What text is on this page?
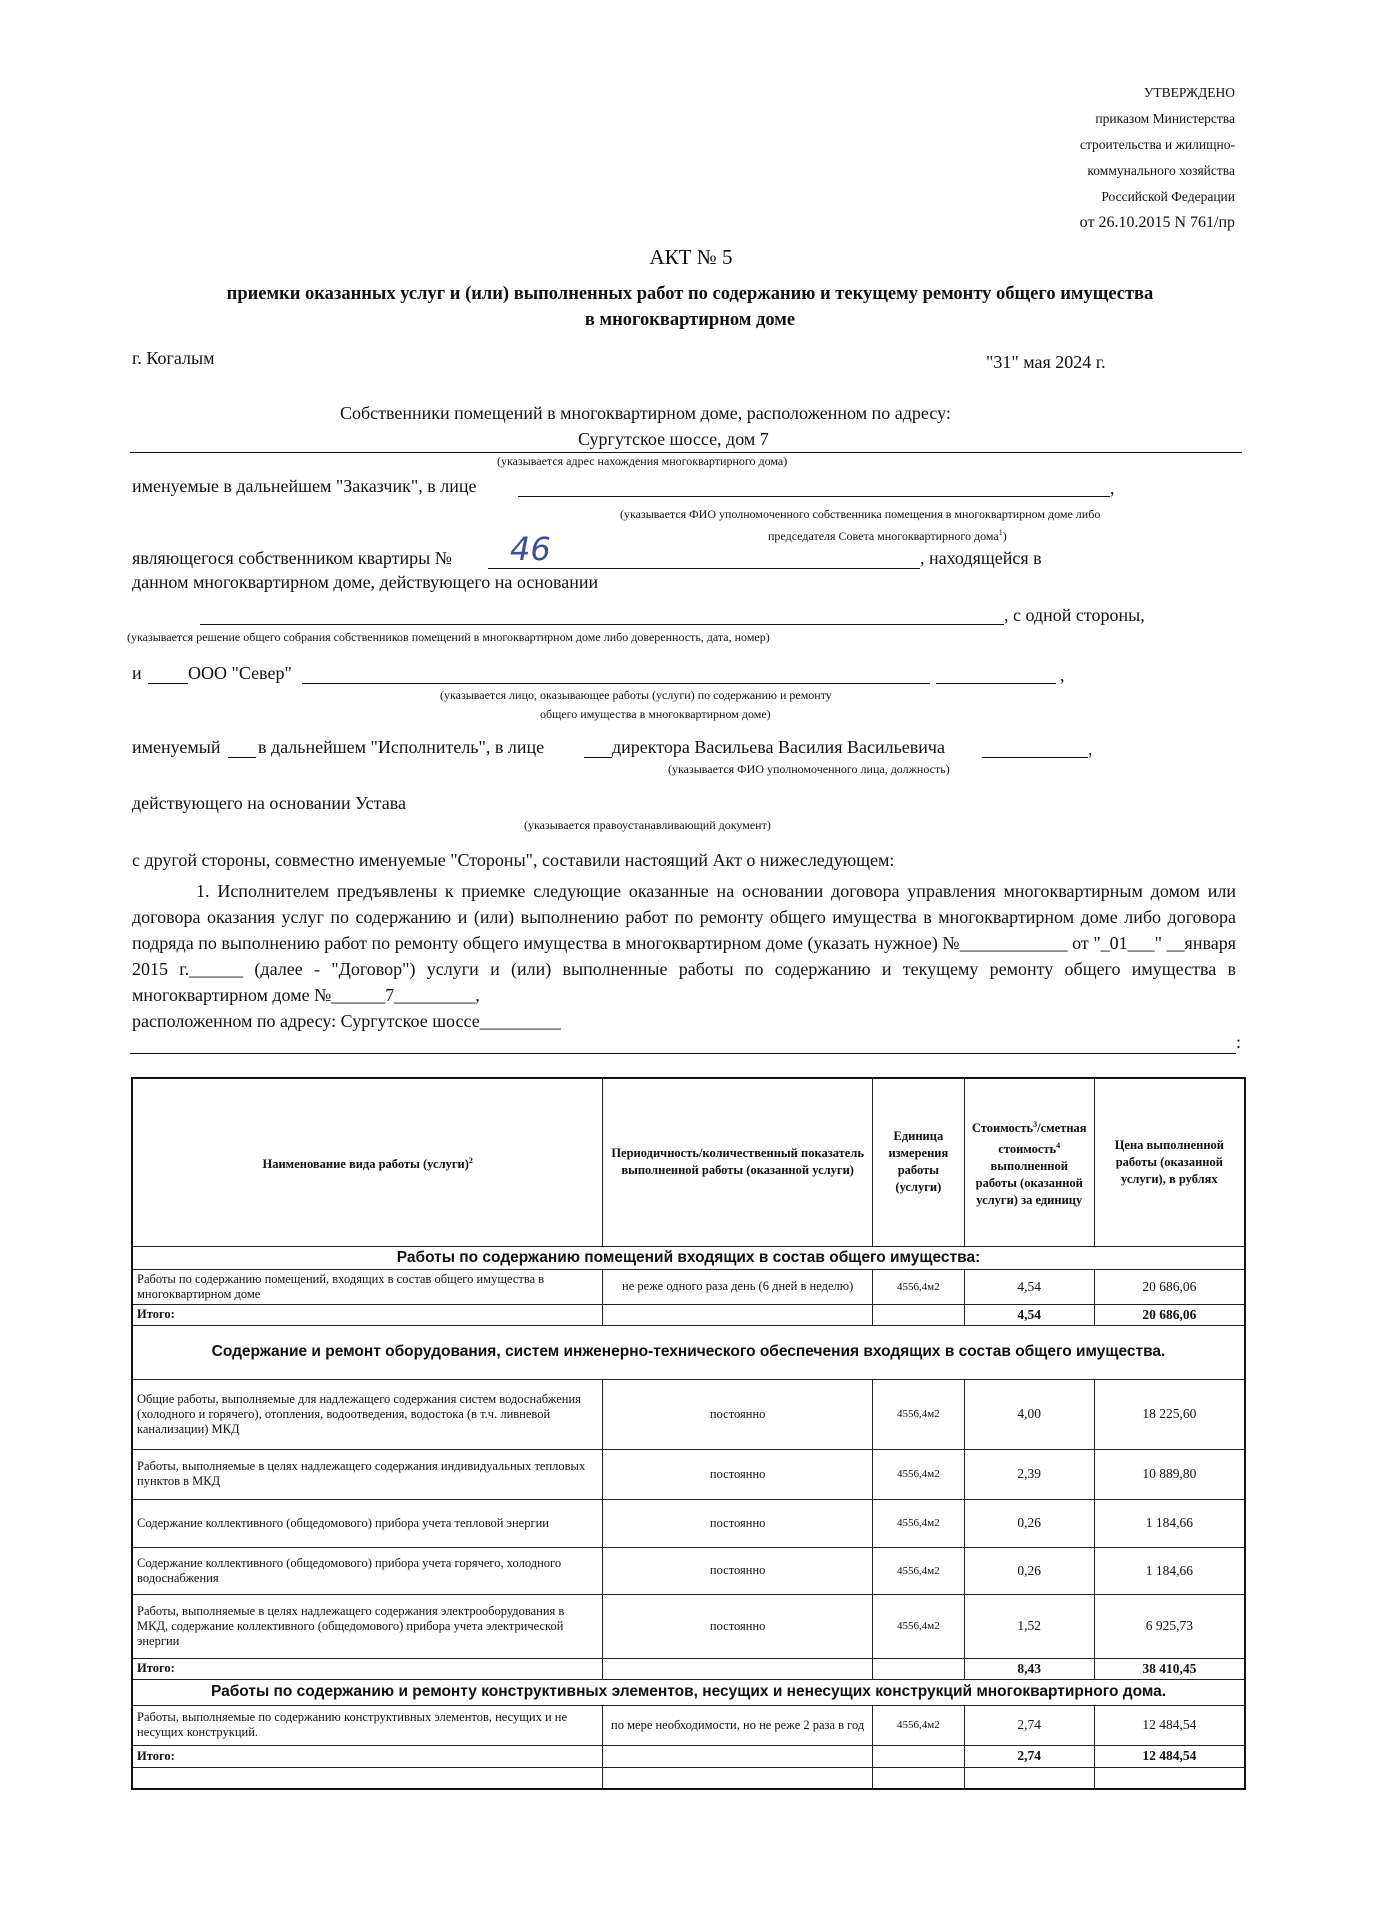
УТВЕРЖДЕНО
приказом Министерства
строительства и жилищно-
коммунального хозяйства
Российской Федерации
от 26.10.2015 N 761/пр
АКТ № 5
приемки оказанных услуг и (или) выполненных работ по содержанию и текущему ремонту общего имущества
в многоквартирном доме
г. Когалым	"31" мая 2024 г.
Собственники помещений в многоквартирном доме, расположенном по адресу:
Сургутское шоссе, дом 7
(указывается адрес нахождения многоквартирного дома)
именуемые в дальнейшем "Заказчик", в лице	,
(указывается ФИО уполномоченного собственника помещения в многоквартирном доме либо
председателя Совета многоквартирного дома$^1$)
являющегося собственником квартиры № 46	, находящейся в
данном многоквартирном доме, действующего на основании
, с одной стороны,
(указывается решение общего собрания собственников помещений в многоквартирном доме либо доверенность, дата, номер)
и	ООО "Север"	,
(указывается лицо, оказывающее работы (услуги) по содержанию и ремонту
общего имущества в многоквартирном доме)
именуемый в дальнейшем "Исполнитель", в лице	директора Васильева Василия Васильевича	,
(указывается ФИО уполномоченного лица, должность)
действующего на основании Устава
(указывается правоустанавливающий документ)
с другой стороны, совместно именуемые "Стороны", составили настоящий Акт о нижеследующем:
1. Исполнителем предъявлены к приемке следующие оказанные на основании договора управления многоквартирным домом или договора оказания услуг по содержанию и (или) выполнению работ по ремонту общего имущества в многоквартирном доме либо договора подряда по выполнению работ по ремонту общего имущества в многоквартирном доме (указать нужное) №____________ от "_01___" __января 2015 г.______ (далее - "Договор") услуги и (или) выполненные работы по содержанию и текущему ремонту общего имущества в многоквартирном доме №______7_________,
расположенном по адресу: Сургутское шоссе_________
:
Наименование вида работы (услуги)$^2$	Периодичность/количественный показатель выполненной работы (оказанной услуги)	Единица измерения работы (услуги)	Стоимость$^3$/сметная стоимость$^4$ выполненной работы (оказанной услуги) за единицу	Цена выполненной работы (оказанной услуги), в рублях
Работы по содержанию помещений входящих в состав общего имущества:				
Работы по содержанию помещений, входящих в состав общего имущества в многоквартирном доме	не реже одного раза день (6 дней в неделю)	4556,4м2	4,54	20 686,06
Итого:			4,54	20 686,06
Содержание и ремонт оборудования, систем инженерно-технического обеспечения входящих в состав общего имущества.				
Общие работы, выполняемые для надлежащего содержания систем водоснабжения (холодного и горячего), отопления, водоотведения, водостока (в т.ч. ливневой канализации) МКД	постоянно	4556,4м2	4,00	18 225,60
Работы, выполняемые в целях надлежащего содержания индивидуальных тепловых пунктов в МКД	постоянно	4556,4м2	2,39	10 889,80
Содержание коллективного (общедомового) прибора учета тепловой энергии	постоянно	4556,4м2	0,26	1 184,66
Содержание коллективного (общедомового) прибора учета горячего, холодного водоснабжения	постоянно	4556,4м2	0,26	1 184,66
Работы, выполняемые в целях надлежащего содержания электрооборудования в МКД, содержание коллективного (общедомового) прибора учета электрической энергии	постоянно	4556,4м2	1,52	6 925,73
Итого:			8,43	38 410,45
Работы по содержанию и ремонту конструктивных элементов, несущих и ненесущих конструкций многоквартирного дома.				
Работы, выполняемые по содержанию конструктивных элементов, несущих и не несущих конструкций.	по мере необходимости, но не реже 2 раза в год	4556,4м2	2,74	12 484,54
Итого:			2,74	12 484,54
